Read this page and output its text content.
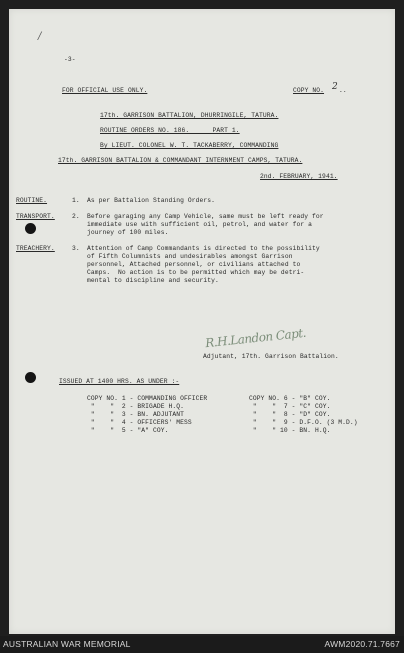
/
-3-
FOR OFFICIAL USE ONLY.	COPY NO. 2 ..
17th. GARRISON BATTALION, DHURRINGILE, TATURA.
ROUTINE ORDERS NO. 186.      PART 1.
By LIEUT. COLONEL W. T. TACKABERRY, COMMANDING
17th. GARRISON BATTALION & COMMANDANT INTERNMENT CAMPS, TATURA.
2nd. FEBRUARY, 1941.
ROUTINE.	1. As per Battalion Standing Orders.
TRANSPORT.	2. Before garaging any Camp Vehicle, same must be left ready for
immediate use with sufficient oil, petrol, and water for a
journey of 100 miles.
TREACHERY.	3. Attention of Camp Commandants is directed to the possibility
of Fifth Columnists and undesirables amongst Garrison
personnel, Attached personnel, or civilians attached to
Camps.  No action is to be permitted which may be detri-
mental to discipline and security.
R.H.Landon Capt.
Adjutant, 17th. Garrison Battalion.
ISSUED AT 1400 HRS. AS UNDER :-
COPY NO. 1 - COMMANDING OFFICER
"    "  2 - BRIGADE H.Q.
"    "  3 - BN. ADJUTANT
"    "  4 - OFFICERS' MESS
"    "  5 - "A" COY.
COPY NO. 6 - "B" COY.
"    "  7 - "C" COY.
"    "  8 - "D" COY.
"    "  9 - D.F.O. (3 M.D.)
"    " 10 - BN. H.Q.
AUSTRALIAN WAR MEMORIAL	AWM2020.71.7667
